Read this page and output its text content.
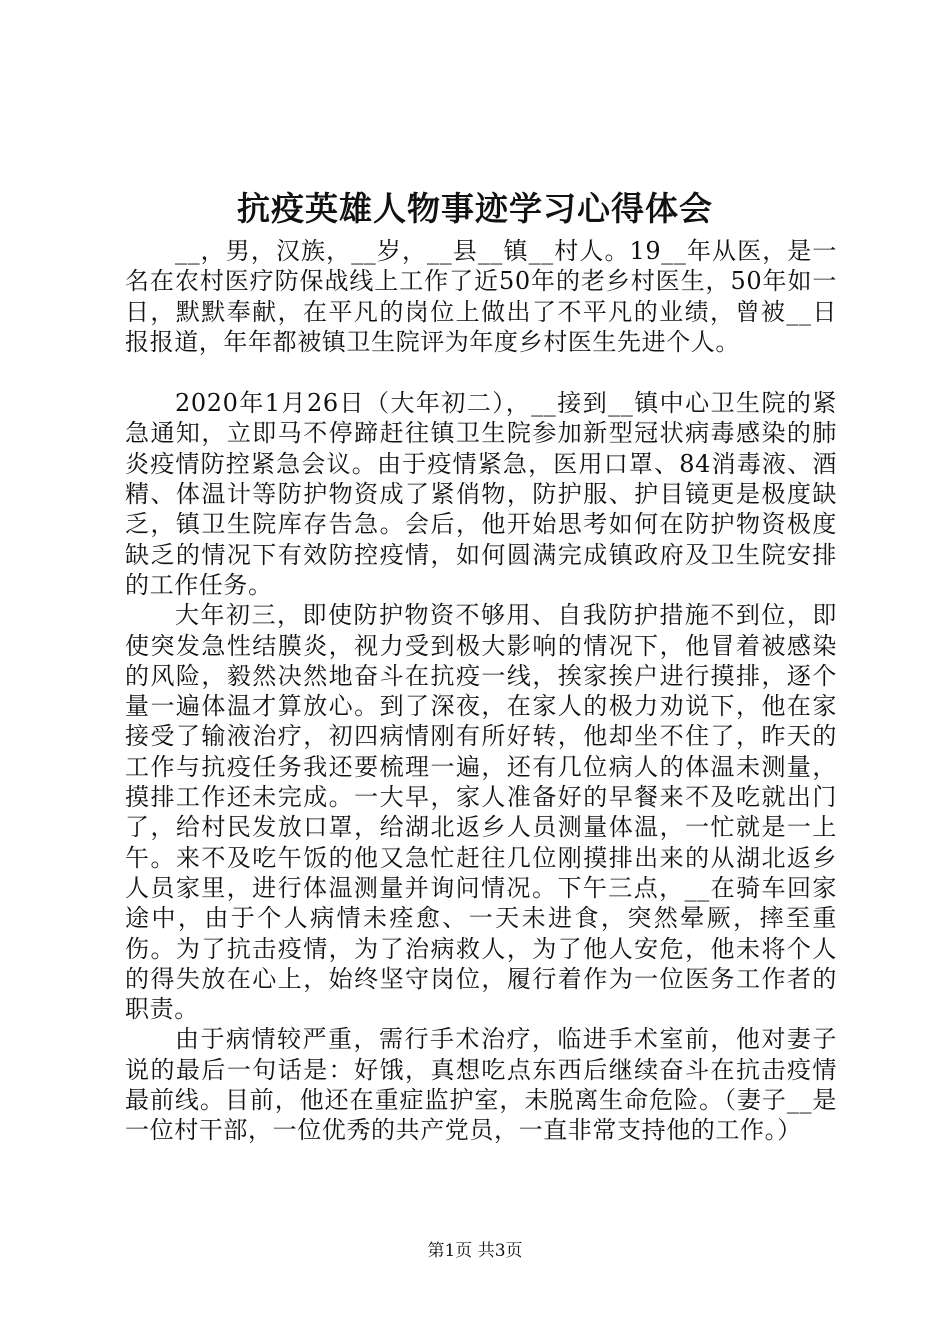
抗疫英雄人物事迹学习心得体会

__，男，汉族，__岁，__县__镇__村人。19__年从医，是一名在农村医疗防保战线上工作了近50年的老乡村医生，50年如一日，默默奉献，在平凡的岗位上做出了不平凡的业绩，曾被__日报报道，年年都被镇卫生院评为年度乡村医生先进个人。

2020年1月26日（大年初二），__接到__镇中心卫生院的紧急通知，立即马不停蹄赶往镇卫生院参加新型冠状病毒感染的肺炎疫情防控紧急会议。由于疫情紧急，医用口罩、84消毒液、酒精、体温计等防护物资成了紧俏物，防护服、护目镜更是极度缺乏，镇卫生院库存告急。会后，他开始思考如何在防护物资极度缺乏的情况下有效防控疫情，如何圆满完成镇政府及卫生院安排的工作任务。

大年初三，即使防护物资不够用、自我防护措施不到位，即使突发急性结膜炎，视力受到极大影响的情况下，他冒着被感染的风险，毅然决然地奋斗在抗疫一线，挨家挨户进行摸排，逐个量一遍体温才算放心。到了深夜，在家人的极力劝说下，他在家接受了输液治疗，初四病情刚有所好转，他却坐不住了，昨天的工作与抗疫任务我还要梳理一遍，还有几位病人的体温未测量，摸排工作还未完成。一大早，家人准备好的早餐来不及吃就出门了，给村民发放口罩，给湖北返乡人员测量体温，一忙就是一上午。来不及吃午饭的他又急忙赶往几位刚摸排出来的从湖北返乡人员家里，进行体温测量并询问情况。下午三点，__在骑车回家途中，由于个人病情未痊愈、一天未进食，突然晕厥，摔至重伤。为了抗击疫情，为了治病救人，为了他人安危，他未将个人的得失放在心上，始终坚守岗位，履行着作为一位医务工作者的职责。

由于病情较严重，需行手术治疗，临进手术室前，他对妻子说的最后一句话是：好饿，真想吃点东西后继续奋斗在抗击疫情最前线。目前，他还在重症监护室，未脱离生命危险。（妻子__是一位村干部，一位优秀的共产党员，一直非常支持他的工作。）

第1页 共3页
